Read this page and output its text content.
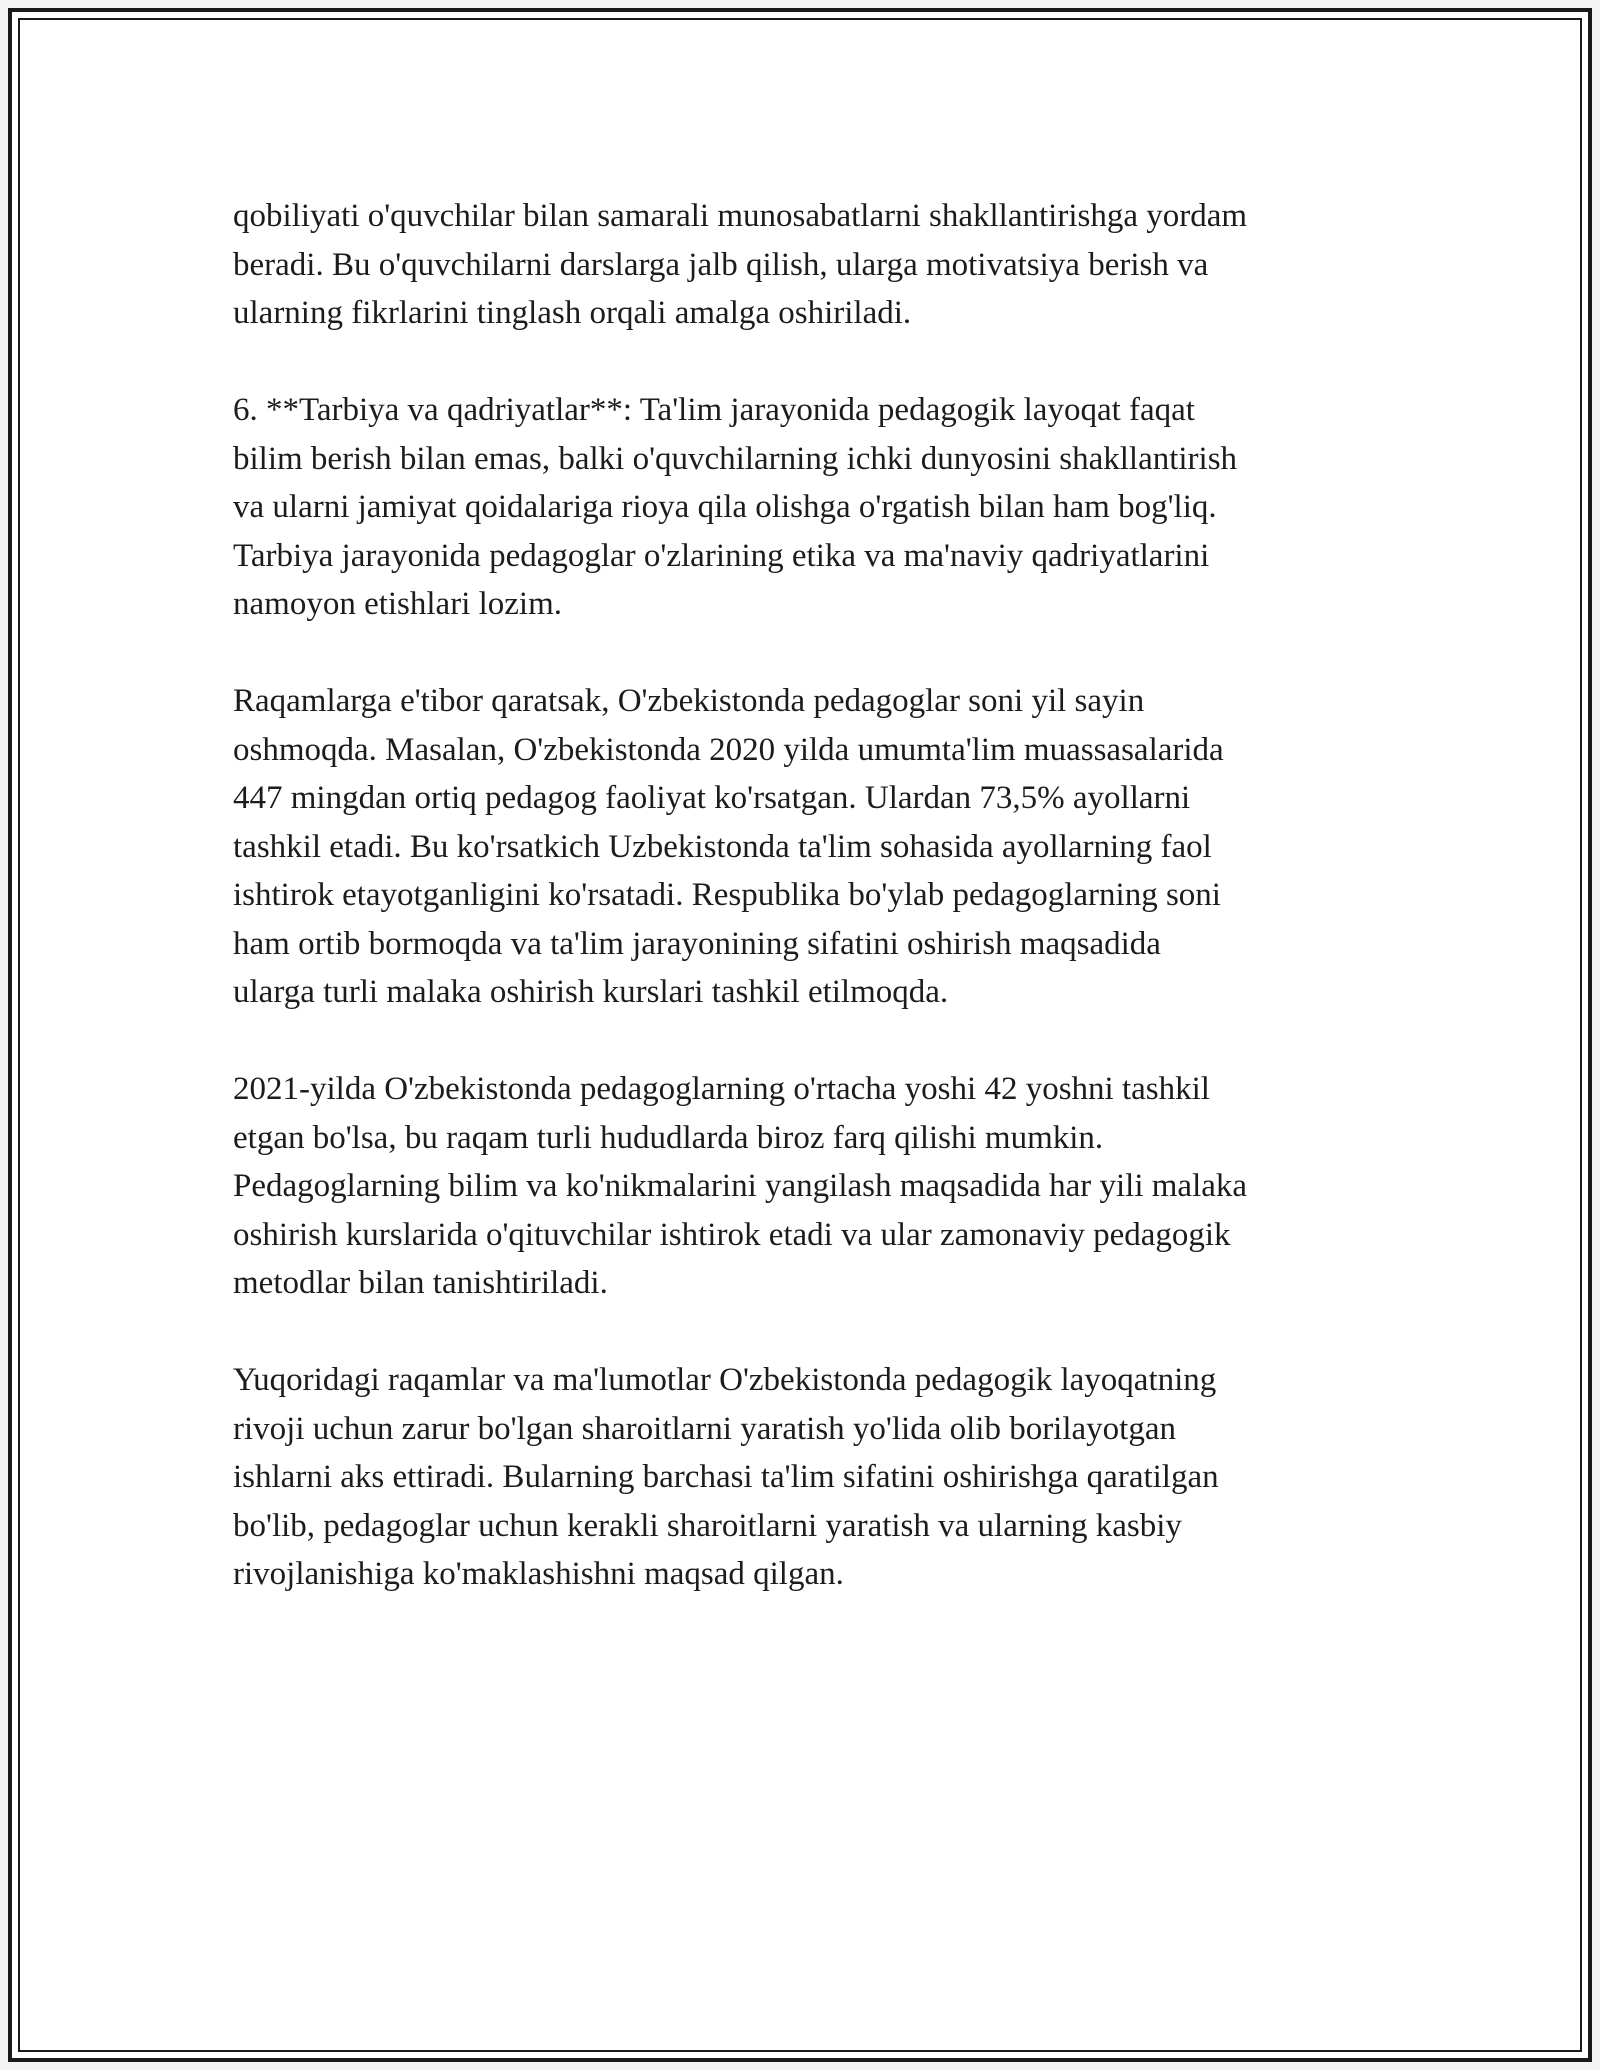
qobiliyati o'quvchilar bilan samarali munosabatlarni shakllantirishga yordam
beradi. Bu o'quvchilarni darslarga jalb qilish, ularga motivatsiya berish va
ularning fikrlarini tinglash orqali amalga oshiriladi.

6. **Tarbiya va qadriyatlar**: Ta'lim jarayonida pedagogik layoqat faqat
bilim berish bilan emas, balki o'quvchilarning ichki dunyosini shakllantirish
va ularni jamiyat qoidalariga rioya qila olishga o'rgatish bilan ham bog'liq.
Tarbiya jarayonida pedagoglar o'zlarining etika va ma'naviy qadriyatlarini
namoyon etishlari lozim.

Raqamlarga e'tibor qaratsak, O'zbekistonda pedagoglar soni yil sayin
oshmoqda. Masalan, O'zbekistonda 2020 yilda umumta'lim muassasalarida
447 mingdan ortiq pedagog faoliyat ko'rsatgan. Ulardan 73,5% ayollarni
tashkil etadi. Bu ko'rsatkich Uzbekistonda ta'lim sohasida ayollarning faol
ishtirok etayotganligini ko'rsatadi. Respublika bo'ylab pedagoglarning soni
ham ortib bormoqda va ta'lim jarayonining sifatini oshirish maqsadida
ularga turli malaka oshirish kurslari tashkil etilmoqda.

2021-yilda O'zbekistonda pedagoglarning o'rtacha yoshi 42 yoshni tashkil
etgan bo'lsa, bu raqam turli hududlarda biroz farq qilishi mumkin.
Pedagoglarning bilim va ko'nikmalarini yangilash maqsadida har yili malaka
oshirish kurslarida o'qituvchilar ishtirok etadi va ular zamonaviy pedagogik
metodlar bilan tanishtiriladi.

Yuqoridagi raqamlar va ma'lumotlar O'zbekistonda pedagogik layoqatning
rivoji uchun zarur bo'lgan sharoitlarni yaratish yo'lida olib borilayotgan
ishlarni aks ettiradi. Bularning barchasi ta'lim sifatini oshirishga qaratilgan
bo'lib, pedagoglar uchun kerakli sharoitlarni yaratish va ularning kasbiy
rivojlanishiga ko'maklashishni maqsad qilgan.
